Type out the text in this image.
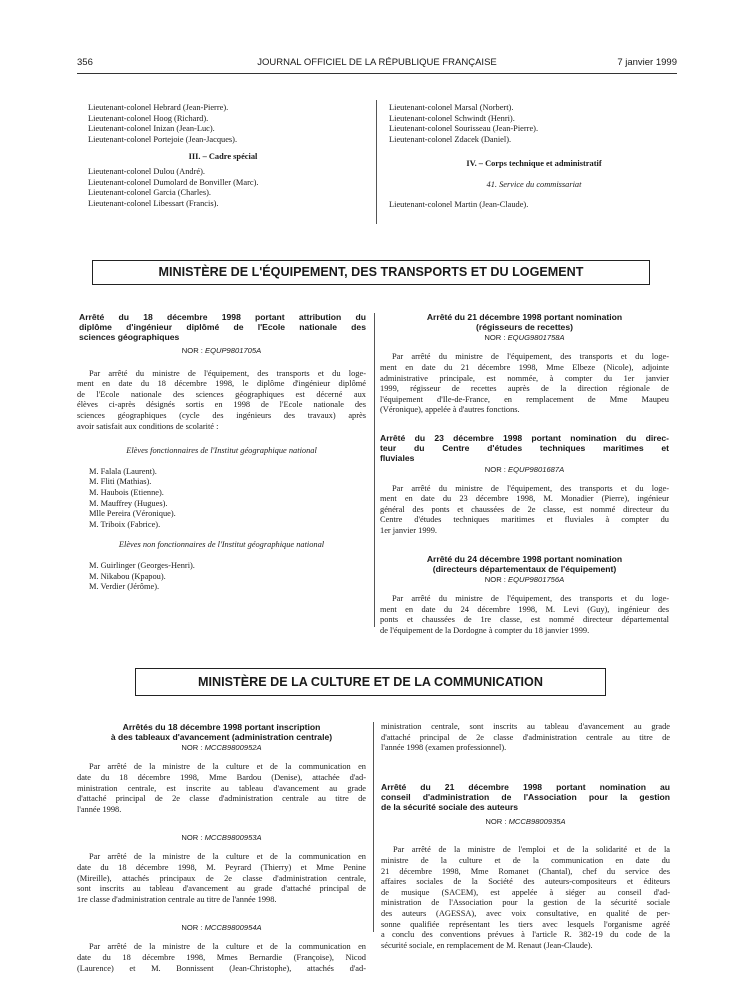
356	JOURNAL OFFICIEL DE LA RÉPUBLIQUE FRANÇAISE	7 janvier 1999
Lieutenant-colonel Hebrard (Jean-Pierre).
Lieutenant-colonel Hoog (Richard).
Lieutenant-colonel Inizan (Jean-Luc).
Lieutenant-colonel Portejoie (Jean-Jacques).
III. – Cadre spécial
Lieutenant-colonel Dulou (André).
Lieutenant-colonel Dumolard de Bonviller (Marc).
Lieutenant-colonel Garcia (Charles).
Lieutenant-colonel Libessart (Francis).
Lieutenant-colonel Marsal (Norbert).
Lieutenant-colonel Schwindt (Henri).
Lieutenant-colonel Sourisseau (Jean-Pierre).
Lieutenant-colonel Zdacek (Daniel).
IV. – Corps technique et administratif
41. Service du commissariat
Lieutenant-colonel Martin (Jean-Claude).
MINISTÈRE DE L'ÉQUIPEMENT, DES TRANSPORTS ET DU LOGEMENT
Arrêté du 18 décembre 1998 portant attribution du
diplôme d'ingénieur diplômé de l'Ecole nationale des
sciences géographiques
NOR : EQUP9801705A
Par arrêté du ministre de l'équipement, des transports et du loge-
ment en date du 18 décembre 1998, le diplôme d'ingénieur diplômé
de l'Ecole nationale des sciences géographiques est décerné aux
élèves ci-après désignés sortis en 1998 de l'Ecole nationale des
sciences géographiques (cycle des ingénieurs des travaux) après
avoir satisfait aux conditions de scolarité :
Elèves fonctionnaires de l'Institut géographique national
M. Falala (Laurent).
M. Fliti (Mathias).
M. Haubois (Etienne).
M. Mauffrey (Hugues).
Mlle Pereira (Véronique).
M. Triboix (Fabrice).
Elèves non fonctionnaires de l'Institut géographique national
M. Guirlinger (Georges-Henri).
M. Nikabou (Kpapou).
M. Verdier (Jérôme).
Arrêté du 21 décembre 1998 portant nomination
(régisseurs de recettes)
NOR : EQUG9801758A
Par arrêté du ministre de l'équipement, des transports et du loge-
ment en date du 21 décembre 1998, Mme Elbeze (Nicole), adjointe
administrative principale, est nommée, à compter du 1er janvier
1999, régisseur de recettes auprès de la direction régionale de
l'équipement d'Ile-de-France, en remplacement de Mme Maupeu
(Véronique), appelée à d'autres fonctions.
Arrêté du 23 décembre 1998 portant nomination du direc-
teur du Centre d'études techniques maritimes et
fluviales
NOR : EQUP9801687A
Par arrêté du ministre de l'équipement, des transports et du loge-
ment en date du 23 décembre 1998, M. Monadier (Pierre), ingénieur
général des ponts et chaussées de 2e classe, est nommé directeur du
Centre d'études techniques maritimes et fluviales à compter du
1er janvier 1999.
Arrêté du 24 décembre 1998 portant nomination
(directeurs départementaux de l'équipement)
NOR : EQUP9801756A
Par arrêté du ministre de l'équipement, des transports et du loge-
ment en date du 24 décembre 1998, M. Levi (Guy), ingénieur des
ponts et chaussées de 1re classe, est nommé directeur départemental
de l'équipement de la Dordogne à compter du 18 janvier 1999.
MINISTÈRE DE LA CULTURE ET DE LA COMMUNICATION
Arrêtés du 18 décembre 1998 portant inscription
à des tableaux d'avancement (administration centrale)
NOR : MCCB9800952A
Par arrêté de la ministre de la culture et de la communication en
date du 18 décembre 1998, Mme Bardou (Denise), attachée d'ad-
ministration centrale, est inscrite au tableau d'avancement au grade
d'attaché principal de 2e classe d'administration centrale au titre de
l'année 1998.
NOR : MCCB9800953A
Par arrêté de la ministre de la culture et de la communication en
date du 18 décembre 1998, M. Peyrard (Thierry) et Mme Penine
(Mireille), attachés principaux de 2e classe d'administration centrale,
sont inscrits au tableau d'avancement au grade d'attaché principal de
1re classe d'administration centrale au titre de l'année 1998.
NOR : MCCB9800954A
Par arrêté de la ministre de la culture et de la communication en
date du 18 décembre 1998, Mmes Bernardie (Françoise), Nicod
(Laurence) et M. Bonnissent (Jean-Christophe), attachés d'ad-
ministration centrale, sont inscrits au tableau d'avancement au grade
d'attaché principal de 2e classe d'administration centrale au titre de
l'année 1998 (examen professionnel).
Arrêté du 21 décembre 1998 portant nomination au
conseil d'administration de l'Association pour la gestion
de la sécurité sociale des auteurs
NOR : MCCB9800935A
Par arrêté de la ministre de l'emploi et de la solidarité et de la
ministre de la culture et de la communication en date du
21 décembre 1998, Mme Romanet (Chantal), chef du service des
affaires sociales de la Société des auteurs-compositeurs et éditeurs
de musique (SACEM), est appelée à siéger au conseil d'ad-
ministration de l'Association pour la gestion de la sécurité sociale
des auteurs (AGESSA), avec voix consultative, en qualité de per-
sonne qualifiée représentant les tiers avec lesquels l'organisme agréé
a conclu des conventions prévues à l'article R. 382-19 du code de la
sécurité sociale, en remplacement de M. Renaut (Jean-Claude).
